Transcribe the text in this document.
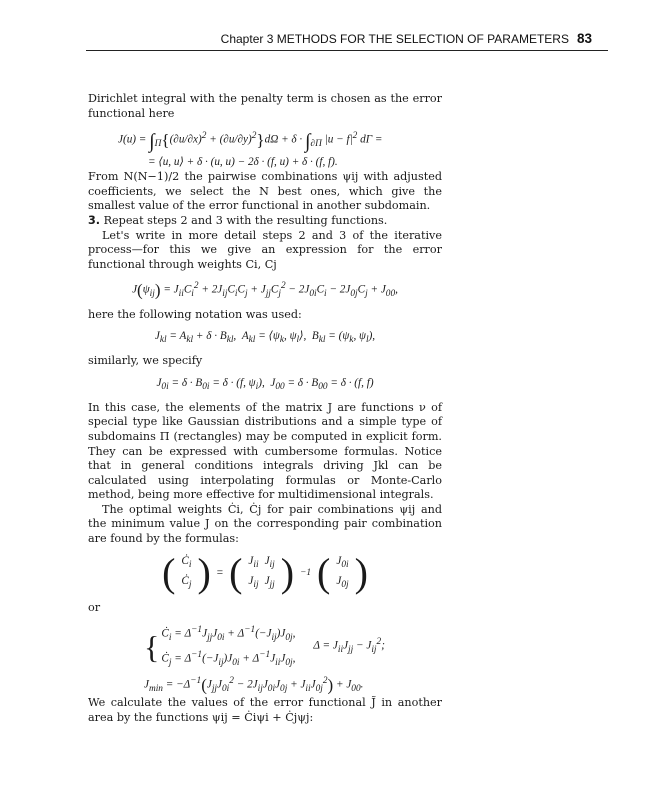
Chapter 3 METHODS FOR THE SELECTION OF PARAMETERS 83

Dirichlet integral with the penalty term is chosen as the error functional here

$J(u) = \int_\Pi\{(\partial u/\partial x)^2 + (\partial u/\partial y)^2\}d\Omega + \delta \cdot \int_{\partial\Pi}$ $|u - f|^2$ dΓ =
= ⟨u, u⟩ + δ · (u, u) − 2δ · (f, u) + δ · (f, f).

From N(N−1)/2 the pairwise combinations ψij with adjusted coefficients, we select the N best ones, which give the smallest value of the error functional in another subdomain.

3. Repeat steps 2 and 3 with the resulting functions.

Let's write in more detail steps 2 and 3 of the iterative process—for this we give an expression for the error functional through weights Ci, Cj

$J(\psi_{ij}) = J_{ii}C_i^2 + 2J_{ij}C_iC_j + J_{jj}C_j^2 - 2J_{0i}C_i - 2J_{0j}C_j + J_{00}$,

here the following notation was used:

$J_{kl} = A_{kl} + \delta \cdot B_{kl}$,  $A_{kl}$ = $⟨\psi_k$, $\psi_l⟩$,  $B_{kl} = (\psi_k$, $\psi_l$),

similarly, we specify

$J_{0i} = \delta \cdot B_{0i} = \delta \cdot (f$, $\psi_i$),  $J_{00} = \delta \cdot B_{00} = \delta \cdot (f$, f)

In this case, the elements of the matrix J are functions ν of special type like Gaussian distributions and a simple type of subdomains Π (rectangles) may be computed in explicit form. They can be expressed with cumbersome formulas. Notice that in general conditions integrals driving Jkl can be calculated using interpolating formulas or Monte-Carlo method, being more effective for multidimensional integrals.

The optimal weights Ċi, Ċj for pair combinations ψij and the minimum value J on the corresponding pair combination are found by the formulas:

( $Ċ_i$
$Ċ_j$ ) = ( $J_{ii}$ $J_{ij}$
$J_{ij}$ $J_{jj}$ ) −1 ( $J_{0i}$
$J_{0j}$ )

or

{ $Ċ_i = \Delta^{-1}J_{jj}J_{0i} + \Delta^{-1}(-J_{ij})J_{0j}$,
$Ċ_j = \Delta^{-1}(-J_{ij})J_{0i} + \Delta^{-1}J_{ii}J_{0j}$,
$\Delta = J_{ii}J_{jj} - J_{ij}^2$;
$J_{min} = -\Delta^{-1}(J_{jj}J_{0i}^2 - 2J_{ij}J_{0i}J_{0j} + J_{ii}J_{0j}^2) + J_{00}$.

We calculate the values of the error functional J̃ in another area by the functions ψij = Ċiψi + Ċjψj:
